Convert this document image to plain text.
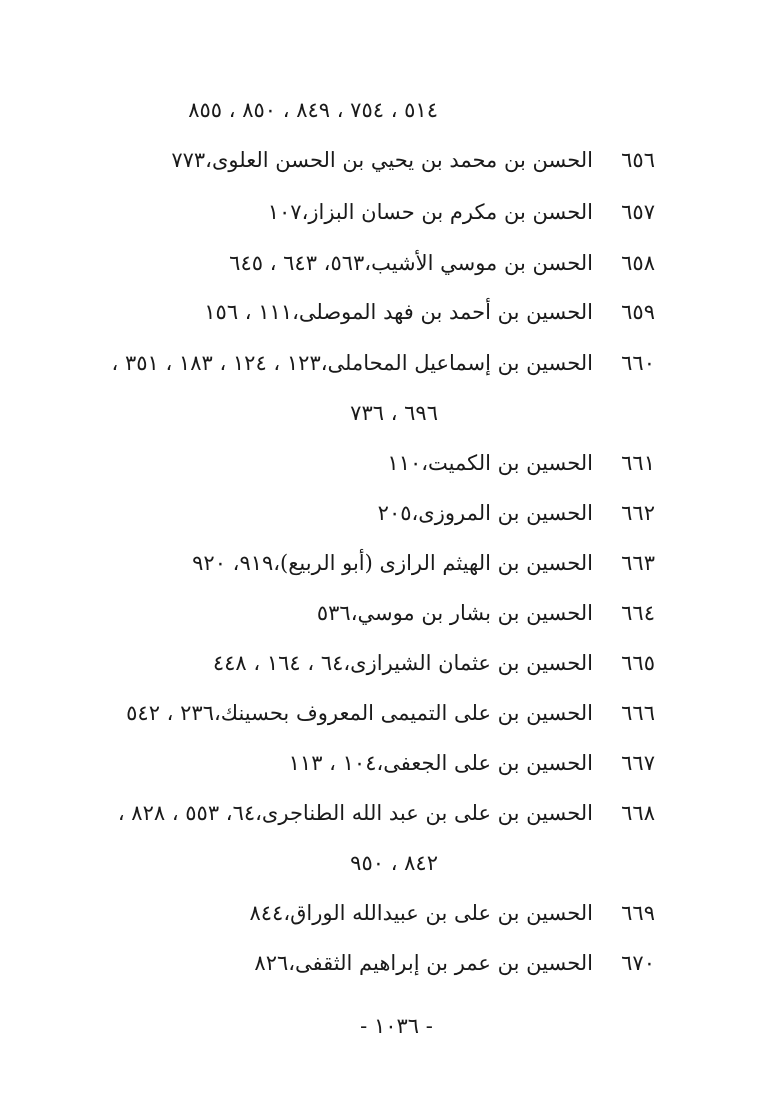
٥١٤ ، ٧٥٤ ، ٨٤٩ ، ٨٥٠ ، ٨٥٥
٦٥٦الحسن بن محمد بن يحيي بن الحسن العلوى،٧٧٣
٦٥٧الحسن بن مكرم بن حسان البزاز،١٠٧
٦٥٨الحسن بن موسي الأشيب،٥٦٣، ٦٤٣ ، ٦٤٥
٦٥٩الحسين بن أحمد بن فهد الموصلى،١١١ ، ١٥٦
٦٦٠الحسين بن إسماعيل المحاملى،١٢٣ ، ١٢٤ ، ١٨٣ ، ٣٥١ ،
٦٩٦ ، ٧٣٦
٦٦١الحسين بن الكميت،١١٠
٦٦٢الحسين بن المروزى،٢٠٥
٦٦٣الحسين بن الهيثم الرازى (أبو الربيع)،٩١٩، ٩٢٠
٦٦٤الحسين بن بشار بن موسي،٥٣٦
٦٦٥الحسين بن عثمان الشيرازى،٦٤ ، ١٦٤ ، ٤٤٨
٦٦٦الحسين بن على التميمى المعروف بحسينك،٢٣٦ ، ٥٤٢
٦٦٧الحسين بن على الجعفى،١٠٤ ، ١١٣
٦٦٨الحسين بن على بن عبد الله الطناجرى،٦٤، ٥٥٣ ، ٨٢٨ ،
٨٤٢ ، ٩٥٠
٦٦٩الحسين بن على بن عبيدالله الوراق،٨٤٤
٦٧٠الحسين بن عمر بن إبراهيم الثقفى،٨٢٦
- ١٠٣٦ -
